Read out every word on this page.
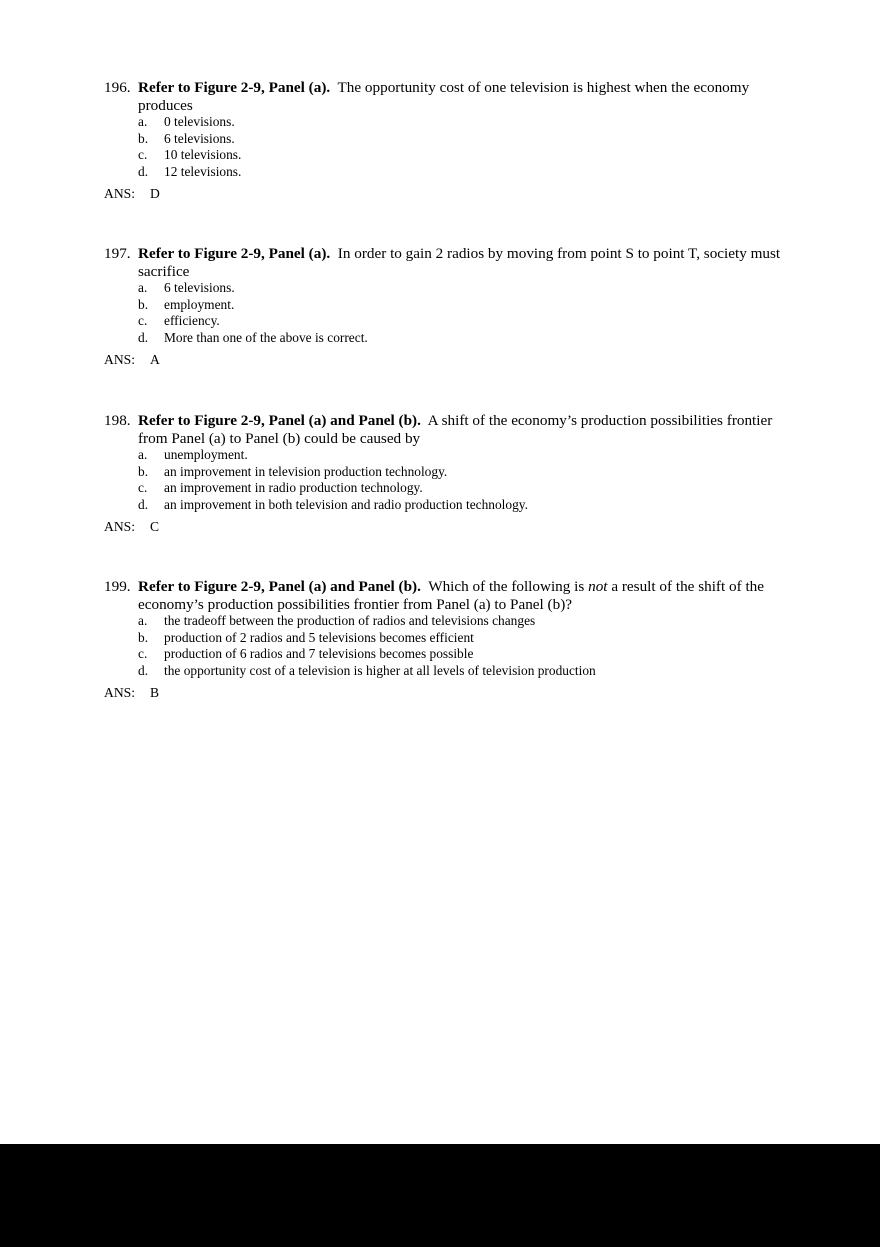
196. Refer to Figure 2-9, Panel (a). The opportunity cost of one television is highest when the economy produces
a. 0 televisions.
b. 6 televisions.
c. 10 televisions.
d. 12 televisions.
ANS: D
197. Refer to Figure 2-9, Panel (a). In order to gain 2 radios by moving from point S to point T, society must sacrifice
a. 6 televisions.
b. employment.
c. efficiency.
d. More than one of the above is correct.
ANS: A
198. Refer to Figure 2-9, Panel (a) and Panel (b). A shift of the economy’s production possibilities frontier from Panel (a) to Panel (b) could be caused by
a. unemployment.
b. an improvement in television production technology.
c. an improvement in radio production technology.
d. an improvement in both television and radio production technology.
ANS: C
199. Refer to Figure 2-9, Panel (a) and Panel (b). Which of the following is not a result of the shift of the economy’s production possibilities frontier from Panel (a) to Panel (b)?
a. the tradeoff between the production of radios and televisions changes
b. production of 2 radios and 5 televisions becomes efficient
c. production of 6 radios and 7 televisions becomes possible
d. the opportunity cost of a television is higher at all levels of television production
ANS: B
